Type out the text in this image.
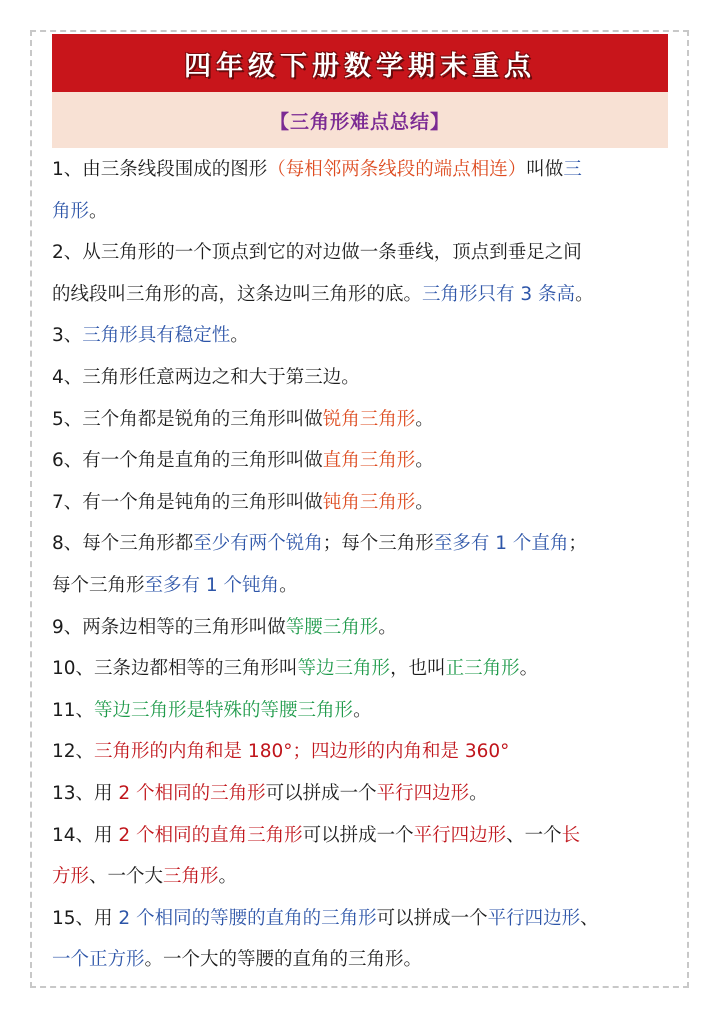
四年级下册数学期末重点
【三角形难点总结】
1、由三条线段围成的图形（每相邻两条线段的端点相连）叫做三
角形。
2、从三角形的一个顶点到它的对边做一条垂线，顶点到垂足之间
的线段叫三角形的高，这条边叫三角形的底。三角形只有 3 条高。
3、三角形具有稳定性。
4、三角形任意两边之和大于第三边。
5、三个角都是锐角的三角形叫做锐角三角形。
6、有一个角是直角的三角形叫做直角三角形。
7、有一个角是钝角的三角形叫做钝角三角形。
8、每个三角形都至少有两个锐角；每个三角形至多有 1 个直角；
每个三角形至多有 1 个钝角。
9、两条边相等的三角形叫做等腰三角形。
10、三条边都相等的三角形叫等边三角形，也叫正三角形。
11、等边三角形是特殊的等腰三角形。
12、三角形的内角和是 180°；四边形的内角和是 360°
13、用 2 个相同的三角形可以拼成一个平行四边形。
14、用 2 个相同的直角三角形可以拼成一个平行四边形、一个长
方形、一个大三角形。
15、用 2 个相同的等腰的直角的三角形可以拼成一个平行四边形、
一个正方形。一个大的等腰的直角的三角形。
